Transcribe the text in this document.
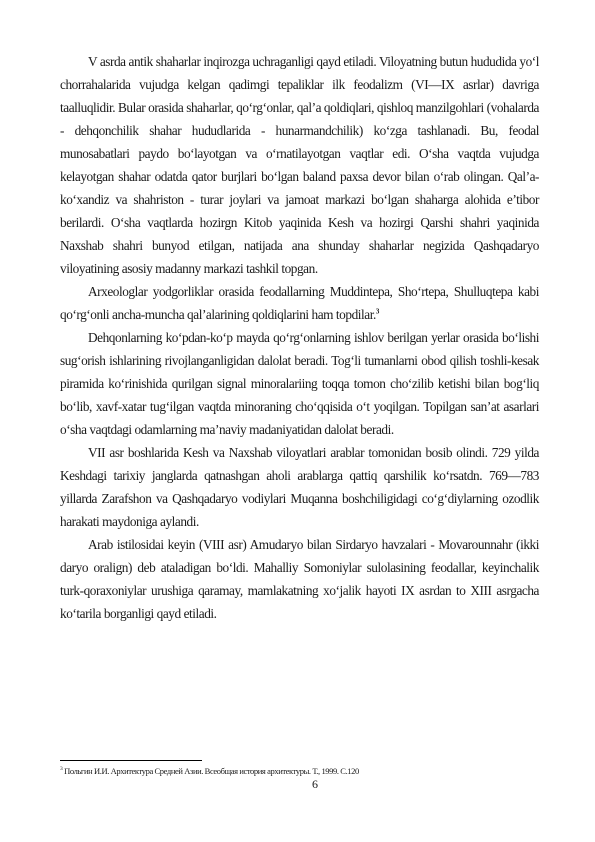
V asrda antik shaharlar inqirozga uchraganligi qayd etiladi. Viloyatning butun hududida yo‘l chorrahalarida vujudga kelgan qadimgi tepaliklar ilk feodalizm (VI—IX asrlar) davriga taalluqlidir. Bular orasida shaharlar, qo‘rg‘onlar, qal’a qoldiqlari, qishloq manzilgohlari (vohalarda - dehqonchilik shahar hududlarida - hunarmandchilik) ko‘zga tashlanadi. Bu, feodal munosabatlari paydo bo‘layotgan va o‘rnatilayotgan vaqtlar edi. O‘sha vaqtda vujudga kelayotgan shahar odatda qator burjlari bo‘lgan baland paxsa devor bilan o‘rab olingan. Qal’a-ko‘xandiz va shahriston - turar joylari va jamoat markazi bo‘lgan shaharga alohida e’tibor berilardi. O‘sha vaqtlarda hozirgn Kitob yaqinida Kesh va hozirgi Qarshi shahri yaqinida Naxshab shahri bunyod etilgan, natijada ana shunday shaharlar negizida Qashqadaryo viloyatining asosiy madanny markazi tashkil topgan.

Arxeologlar yodgorliklar orasida feodallarning Muddintepa, Sho‘rtepa, Shulluqtepa kabi qo‘rg‘onli ancha-muncha qal’alarining qoldiqlarini ham topdilar.$^3$

Dehqonlarning ko‘pdan-ko‘p mayda qo‘rg‘onlarning ishlov berilgan yerlar orasida bo‘lishi sug‘orish ishlarining rivojlanganligidan dalolat beradi. Tog‘li tumanlarni obod qilish toshli-kesak piramida ko‘rinishida qurilgan signal minoralariing toqqa tomon cho‘zilib ketishi bilan bog‘liq bo‘lib, xavf-xatar tug‘ilgan vaqtda minoraning cho‘qqisida o‘t yoqilgan. Topilgan san’at asarlari o‘sha vaqtdagi odamlarning ma’naviy madaniyatidan dalolat beradi.

VII asr boshlarida Kesh va Naxshab viloyatlari arablar tomonidan bosib olindi. 729 yilda Keshdagi tarixiy janglarda qatnashgan aholi arablarga qattiq qarshilik ko‘rsatdn. 769—783 yillarda Zarafshon va Qashqadaryo vodiylari Muqanna boshchiligidagi co‘g‘diylarning ozodlik harakati maydoniga aylandi.

Arab istilosidai keyin (VIII asr) Amudaryo bilan Sirdaryo havzalari - Movarounnahr (ikki daryo oralign) deb ataladigan bo‘ldi. Mahalliy Somoniylar sulolasining feodallar, keyinchalik turk-qoraxoniylar urushiga qaramay, mamlakatning xo‘jalik hayoti IX asrdan to XIII asrgacha ko‘tarila borganligi qayd etiladi.

$^3$ Польгин И.И. Архитектура Средней Азии. Всеобщая история архитектуры. Т., 1999. С.120
6
